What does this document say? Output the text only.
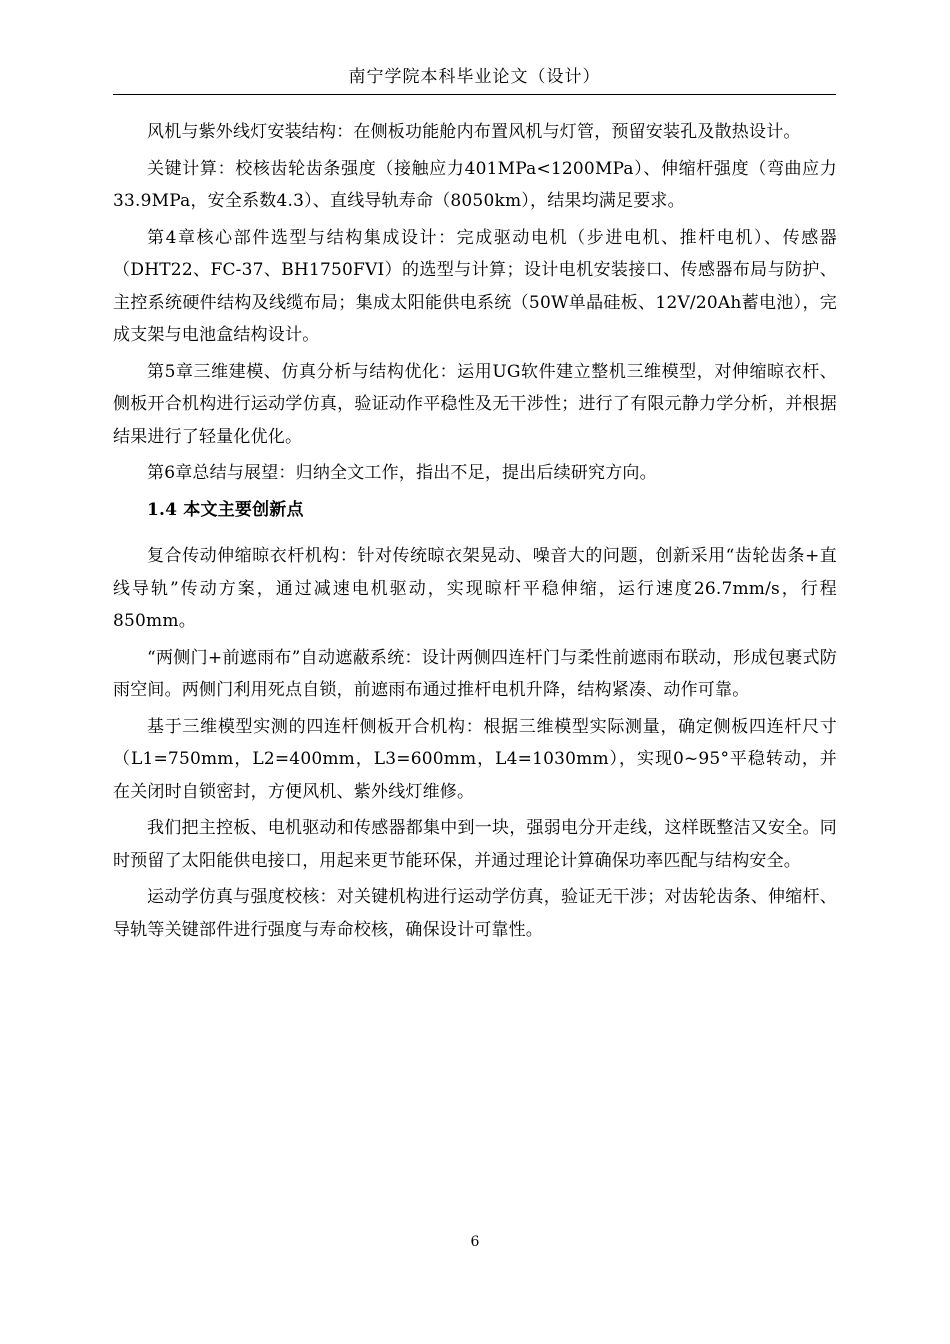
南宁学院本科毕业论文（设计）

风机与紫外线灯安装结构：在侧板功能舱内布置风机与灯管，预留安装孔及散热设计。

关键计算：校核齿轮齿条强度（接触应力401MPa<1200MPa）、伸缩杆强度（弯曲应力33.9MPa，安全系数4.3）、直线导轨寿命（8050km），结果均满足要求。

第4章核心部件选型与结构集成设计：完成驱动电机（步进电机、推杆电机）、传感器（DHT22、FC-37、BH1750FVI）的选型与计算；设计电机安装接口、传感器布局与防护、主控系统硬件结构及线缆布局；集成太阳能供电系统（50W单晶硅板、12V/20Ah蓄电池），完成支架与电池盒结构设计。

第5章三维建模、仿真分析与结构优化：运用UG软件建立整机三维模型，对伸缩晾衣杆、侧板开合机构进行运动学仿真，验证动作平稳性及无干涉性；进行了有限元静力学分析，并根据结果进行了轻量化优化。

第6章总结与展望：归纳全文工作，指出不足，提出后续研究方向。

1.4 本文主要创新点

复合传动伸缩晾衣杆机构：针对传统晾衣架晃动、噪音大的问题，创新采用“齿轮齿条+直线导轨”传动方案，通过减速电机驱动，实现晾杆平稳伸缩，运行速度26.7mm/s，行程850mm。

“两侧门+前遮雨布”自动遮蔽系统：设计两侧四连杆门与柔性前遮雨布联动，形成包裹式防雨空间。两侧门利用死点自锁，前遮雨布通过推杆电机升降，结构紧凑、动作可靠。

基于三维模型实测的四连杆侧板开合机构：根据三维模型实际测量，确定侧板四连杆尺寸（L1=750mm，L2=400mm，L3=600mm，L4=1030mm），实现0~95°平稳转动，并在关闭时自锁密封，方便风机、紫外线灯维修。

我们把主控板、电机驱动和传感器都集中到一块，强弱电分开走线，这样既整洁又安全。同时预留了太阳能供电接口，用起来更节能环保，并通过理论计算确保功率匹配与结构安全。

运动学仿真与强度校核：对关键机构进行运动学仿真，验证无干涉；对齿轮齿条、伸缩杆、导轨等关键部件进行强度与寿命校核，确保设计可靠性。

6
